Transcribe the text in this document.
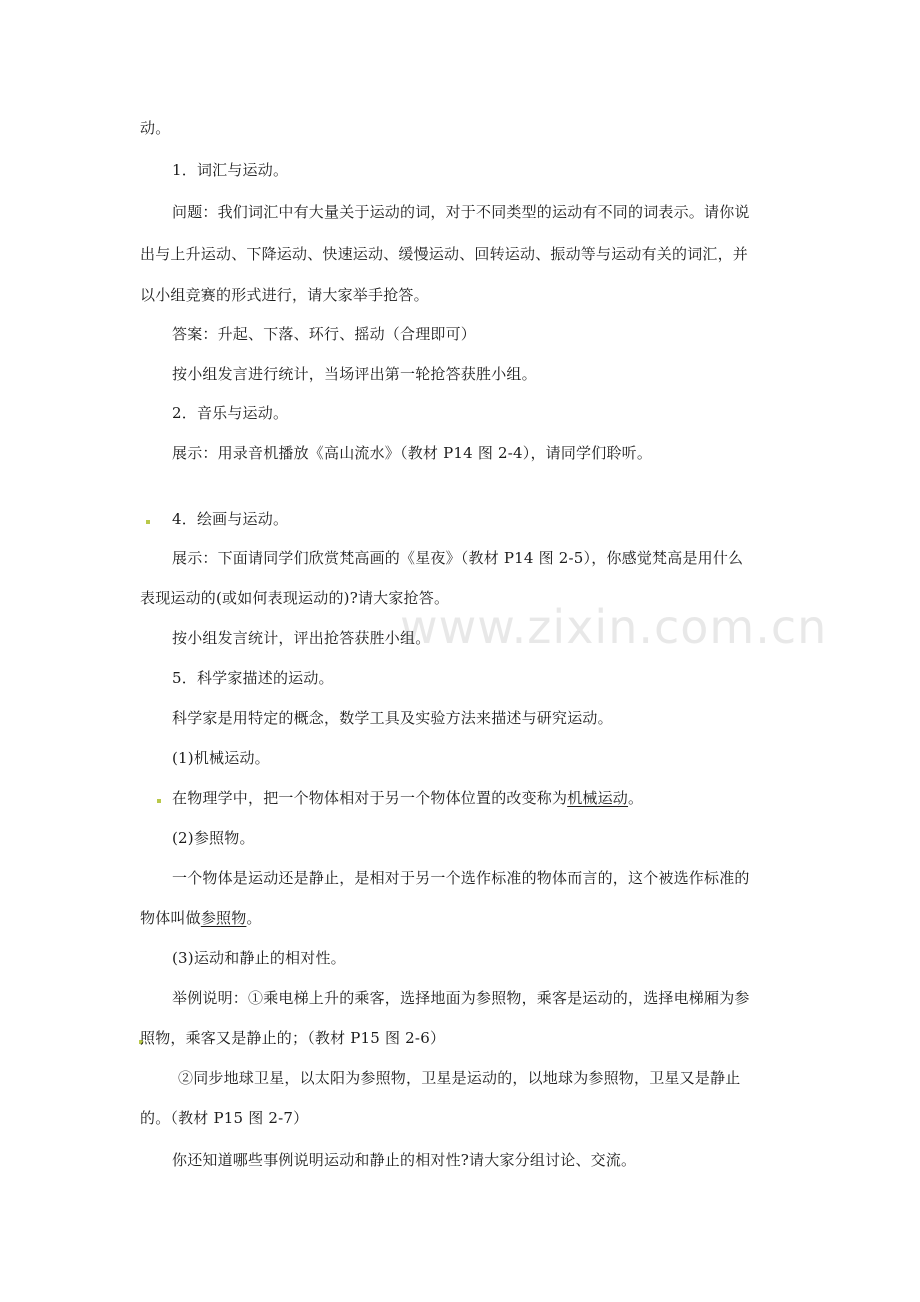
www.zixin.com.cn
动。
1．词汇与运动。
问题：我们词汇中有大量关于运动的词，对于不同类型的运动有不同的词表示。请你说
出与上升运动、下降运动、快速运动、缓慢运动、回转运动、振动等与运动有关的词汇，并
以小组竞赛的形式进行，请大家举手抢答。
答案：升起、下落、环行、摇动（合理即可）
按小组发言进行统计，当场评出第一轮抢答获胜小组。
2．音乐与运动。
展示：用录音机播放《高山流水》（教材 P14 图 2-4），请同学们聆听。
4．绘画与运动。
展示：下面请同学们欣赏梵高画的《星夜》（教材 P14 图 2-5），你感觉梵高是用什么
表现运动的(或如何表现运动的)?请大家抢答。
按小组发言统计，评出抢答获胜小组。
5．科学家描述的运动。
科学家是用特定的概念，数学工具及实验方法来描述与研究运动。
(1)机械运动。
在物理学中，把一个物体相对于另一个物体位置的改变称为机械运动。
(2)参照物。
一个物体是运动还是静止，是相对于另一个选作标准的物体而言的，这个被选作标准的
物体叫做参照物。
(3)运动和静止的相对性。
举例说明：①乘电梯上升的乘客，选择地面为参照物，乘客是运动的，选择电梯厢为参
照物，乘客又是静止的；（教材 P15 图 2-6）
②同步地球卫星，以太阳为参照物，卫星是运动的，以地球为参照物，卫星又是静止
的。（教材 P15 图 2-7）
你还知道哪些事例说明运动和静止的相对性?请大家分组讨论、交流。
